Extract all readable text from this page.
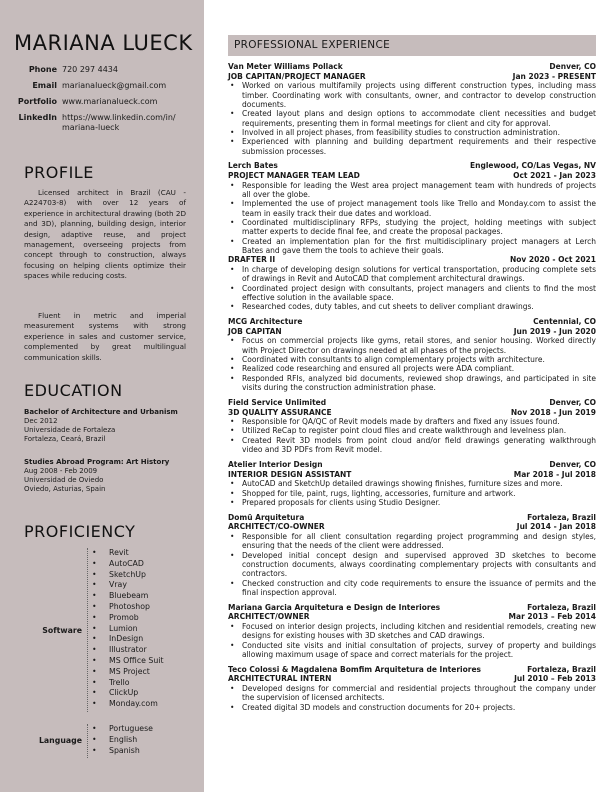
MARIANA LUECK
Phone 720 297 4434
Email marianalueck@gmail.com
Portfolio www.marianalueck.com
LinkedIn https://www.linkedin.com/in/ mariana-lueck
PROFILE

Licensed architect in Brazil (CAU - A224703-8) with over 12 years of experience in architectural drawing (both 2D and 3D), planning, building design, interior design, adaptive reuse, and project management, overseeing projects from concept through to construction, always focusing on helping clients optimize their spaces while reducing costs.

Fluent in metric and imperial measurement systems with strong experience in sales and customer service, complemented by great multilingual communication skills.

EDUCATION
Bachelor of Architecture and Urbanism
Dec 2012
Universidade de Fortaleza
Fortaleza, Ceará, Brazil
Studies Abroad Program: Art History
Aug 2008 - Feb 2009
Universidad de Oviedo
Oviedo, Asturias, Spain
PROFICIENCY
Software
• Revit
• AutoCAD
• SketchUp
• Vray
• Bluebeam
• Photoshop
• Promob
• Lumion
• InDesign
• Illustrator
• MS Office Suit
• MS Project
• Trello
• ClickUp
• Monday.com
Language
• Portuguese
• English
• Spanish
PROFESSIONAL EXPERIENCE
Van Meter Williams Pollack	Denver, CO
JOB CAPITAN/PROJECT MANAGER	Jan 2023 - PRESENT
• Worked on various multifamily projects using different construction types, including mass timber. Coordinating work with consultants, owner, and contractor to develop construction documents.
• Created layout plans and design options to accommodate client necessities and budget requirements, presenting them in formal meetings for client and city for approval.
• Involved in all project phases, from feasibility studies to construction administration.
• Experienced with planning and building department requirements and their respective submission processes.
Lerch Bates	Englewood, CO/Las Vegas, NV
PROJECT MANAGER TEAM LEAD	Oct 2021 - Jan 2023
• Responsible for leading the West area project management team with hundreds of projects all over the globe.
• Implemented the use of project management tools like Trello and Monday.com to assist the team in easily track their due dates and workload.
• Coordinated multidisciplinary RFPs, studying the project, holding meetings with subject matter experts to decide final fee, and create the proposal packages.
• Created an implementation plan for the first multidisciplinary project managers at Lerch Bates and gave them the tools to achieve their goals.
DRAFTER II	Nov 2020 - Oct 2021
• In charge of developing design solutions for vertical transportation, producing complete sets of drawings in Revit and AutoCAD that complement architectural drawings.
• Coordinated project design with consultants, project managers and clients to find the most effective solution in the available space.
• Researched codes, duty tables, and cut sheets to deliver compliant drawings.
MCG Architecture	Centennial, CO
JOB CAPITAN	Jun 2019 - Jun 2020
• Focus on commercial projects like gyms, retail stores, and senior housing. Worked directly with Project Director on drawings needed at all phases of the projects.
• Coordinated with consultants to align complementary projects with architecture.
• Realized code researching and ensured all projects were ADA compliant.
• Responded RFIs, analyzed bid documents, reviewed shop drawings, and participated in site visits during the construction administration phase.
Field Service Unlimited	Denver, CO
3D QUALITY ASSURANCE	Nov 2018 - Jun 2019
• Responsible for QA/QC of Revit models made by drafters and fixed any issues found.
• Utilized ReCap to register point cloud files and create walkthrough and levelness plan.
• Created Revit 3D models from point cloud and/or field drawings generating walkthrough video and 3D PDFs from Revit model.
Atelier Interior Design	Denver, CO
INTERIOR DESIGN ASSISTANT	Mar 2018 - Jul 2018
• AutoCAD and SketchUp detailed drawings showing finishes, furniture sizes and more.
• Shopped for tile, paint, rugs, lighting, accessories, furniture and artwork.
• Prepared proposals for clients using Studio Designer.
Domū Arquitetura	Fortaleza, Brazil
ARCHITECT/CO-OWNER	Jul 2014 - Jan 2018
• Responsible for all client consultation regarding project programming and design styles, ensuring that the needs of the client were addressed.
• Developed initial concept design and supervised approved 3D sketches to become construction documents, always coordinating complementary projects with consultants and contractors.
• Checked construction and city code requirements to ensure the issuance of permits and the final inspection approval.
Mariana Garcia Arquitetura e Design de Interiores	Fortaleza, Brazil
ARCHITECT/OWNER	Mar 2013 – Feb 2014
• Focused on interior design projects, including kitchen and residential remodels, creating new designs for existing houses with 3D sketches and CAD drawings.
• Conducted site visits and initial consultation of projects, survey of property and buildings allowing maximum usage of space and correct materials for the project.
Teco Colossi & Magdalena Bomfim Arquitetura de Interiores	Fortaleza, Brazil
ARCHITECTURAL INTERN	Jul 2010 – Feb 2013
• Developed designs for commercial and residential projects throughout the company under the supervision of licensed architects.
• Created digital 3D models and construction documents for 20+ projects.
